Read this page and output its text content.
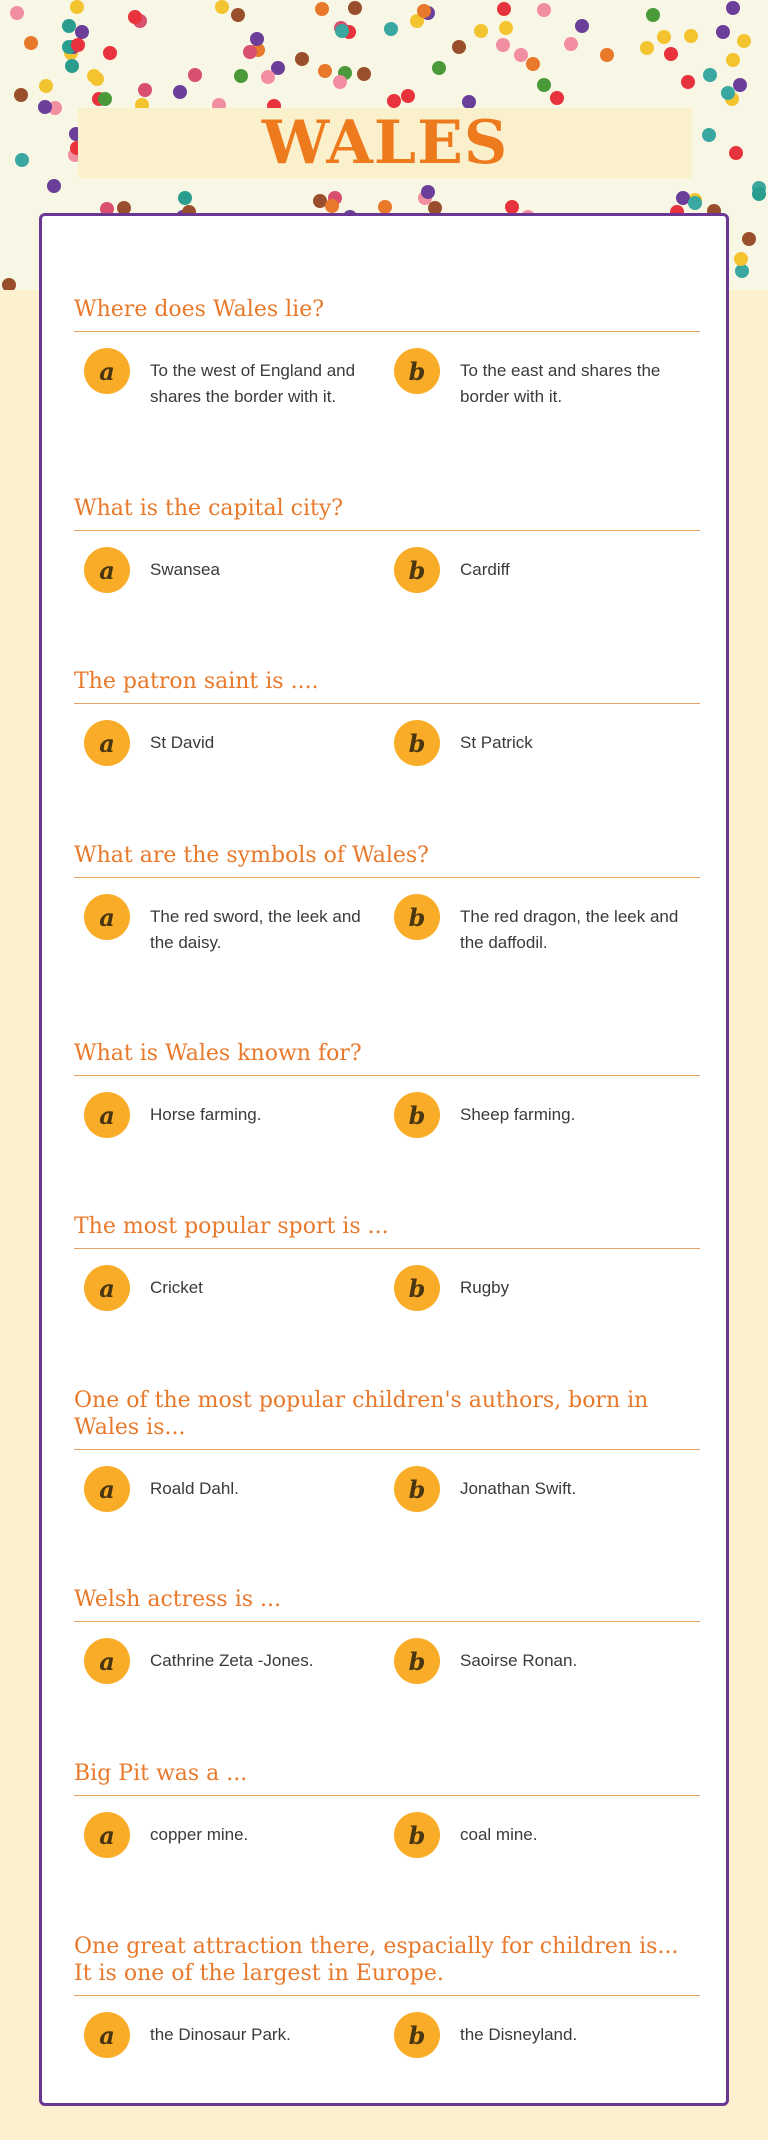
WALES
Where does Wales lie?
a	To the west of England and shares the border with it.
b	To the east and shares the border with it.
What is the capital city?
a	Swansea	b	Cardiff
The patron saint is ....
a	St David	b	St Patrick
What are the symbols of Wales?
a	The red sword, the leek and the daisy.
b	The red dragon, the leek and the daffodil.
What is Wales known for?
a	Horse farming.	b	Sheep farming.
The most popular sport is ...
a	Cricket	b	Rugby
One of the most popular children's authors, born in Wales is...
a	Roald Dahl.	b	Jonathan Swift.
Welsh actress is ...
a	Cathrine Zeta -Jones.	b	Saoirse Ronan.
Big Pit was a ...
a	copper mine.	b	coal mine.
One great attraction there, espacially for children is...     It is one of the largest in Europe.
a	the Dinosaur Park.	b	the Disneyland.
